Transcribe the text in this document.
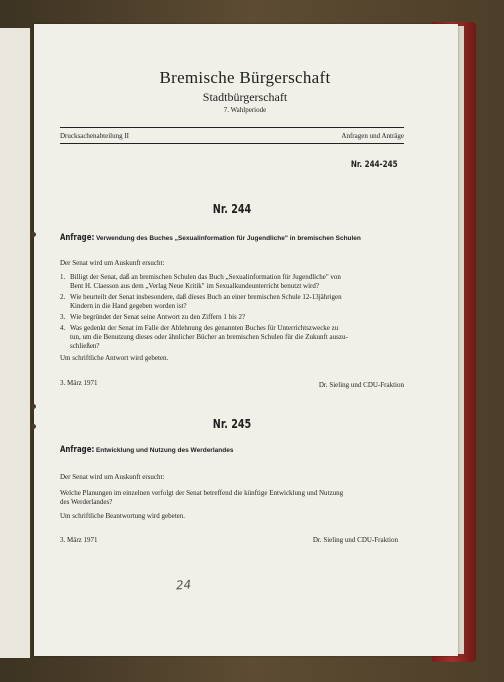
Bremische Bürgerschaft
Stadtbürgerschaft
7. Wahlperiode
Drucksachenabteilung II	Anfragen und Anträge
Nr. 244-245
Nr. 244
Anfrage: Verwendung des Buches „Sexualinformation für Jugendliche" in bremischen Schulen
Der Senat wird um Auskunft ersucht:
1. Billigt der Senat, daß an bremischen Schulen das Buch „Sexualinformation für Jugendliche" von
Bent H. Claesson aus dem „Verlag Neue Kritik" im Sexualkundeunterricht benutzt wird?
2. Wie beurteilt der Senat insbesondere, daß dieses Buch an einer bremischen Schule 12-13jährigen
Kindern in die Hand gegeben worden ist?
3. Wie begründet der Senat seine Antwort zu den Ziffern 1 bis 2?
4. Was gedenkt der Senat im Falle der Ablehnung des genannten Buches für Unterrichtszwecke zu
tun, um die Benutzung dieses oder ähnlicher Bücher an bremischen Schulen für die Zukunft auszu-
schließen?
Um schriftliche Antwort wird gebeten.
3. März 1971	Dr. Sieling und CDU-Fraktion
Nr. 245
Anfrage: Entwicklung und Nutzung des Werderlandes
Der Senat wird um Auskunft ersucht:
Welche Planungen im einzelnen verfolgt der Senat betreffend die künftige Entwicklung und Nutzung
des Werderlandes?
Um schriftliche Beantwortung wird gebeten.
3. März 1971	Dr. Sieling und CDU-Fraktion
24
